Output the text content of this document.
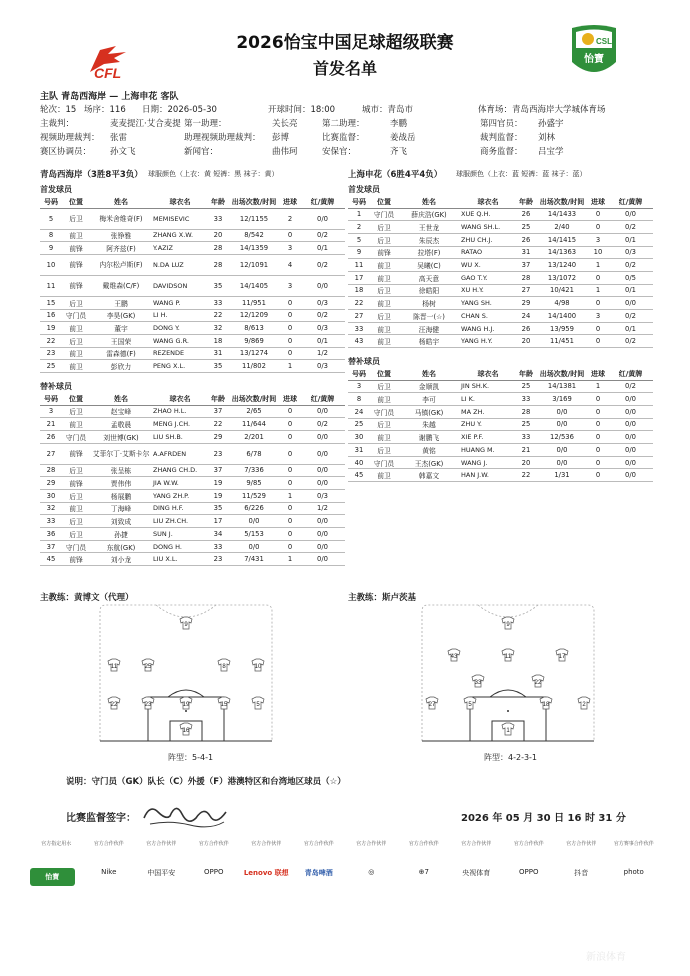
CFL
2026怡宝中国足球超级联赛
首发名单
CSL
怡寶
主队 青岛西海岸 — 上海申花 客队
轮次：15 场序：116 日期：2026-05-30	开球时间：18:00	城市：青岛市	体育场：青岛西海岸大学城体育场
主裁判：	麦麦提江·艾合麦提 第一助理：	关长亮	第二助理：	李鹏	第四官员： 孙盛宇
视频助理裁判： 张雷	助理视频助理裁判： 彭博	比赛监督：	姜战岳	裁判监督： 刘林
赛区协调员： 孙文飞	新闻官：	曲伟珂	安保官：	齐飞	商务监督： 吕宝学
青岛西海岸（3胜8平3负） 球服颜色（上衣：黄 短裤：黑 袜子：黄）
首发球员
号码	位置	姓名	球衣名	年龄	出场次数/时间	进球	红/黄牌
5	后卫	梅米舍维奇(F)	MEMISEVIC	33	12/1155	2	0/0
8	前卫	张铮雅	ZHANG X.W.	20	8/542	0	0/2
9	前锋	阿齐兹(F)	Y.AZIZ	28	14/1359	3	0/1
10	前锋	内尔松卢斯(F)	N.DA LUZ	28	12/1091	4	0/2
11	前锋	戴维森(C/F)	DAVIDSON	35	14/1405	3	0/0
15	后卫	王鹏	WANG P.	33	11/951	0	0/3
16	守门员	李昊(GK)	LI H.	22	12/1209	0	0/2
19	前卫	董宇	DONG Y.	32	8/613	0	0/3
22	后卫	王国荣	WANG G.R.	18	9/869	0	0/1
23	前卫	雷森德(F)	REZENDE	31	13/1274	0	1/2
25	前卫	彭欣力	PENG X.L.	35	11/802	1	0/3
替补球员
号码	位置	姓名	球衣名	年龄	出场次数/时间	进球	红/黄牌
3	后卫	赵宝峰	ZHAO H.L.	37	2/65	0	0/0
21	前卫	孟敬晨	MENG J.CH.	22	11/644	0	0/2
26	守门员	刘世博(GK)	LIU SH.B.	29	2/201	0	0/0
27	前锋	艾菲尔丁·艾斯卡尔	A.AFRDEN	23	6/78	0	0/0
28	后卫	张呈栋	ZHANG CH.D.	37	7/336	0	0/0
29	前锋	贾伟伟	JIA W.W.	19	9/85	0	0/0
30	后卫	杨展鹏	YANG ZH.P.	19	11/529	1	0/3
32	前卫	丁海峰	DING H.F.	35	6/226	0	1/2
33	后卫	刘致成	LIU ZH.CH.	17	0/0	0	0/0
36	后卫	孙捷	SUN J.	34	5/153	0	0/0
37	守门员	东航(GK)	DONG H.	33	0/0	0	0/0
45	前锋	刘小龙	LIU X.L.	23	7/431	1	0/0
上海申花（6胜4平4负） 球服颜色（上衣：蓝 短裤：蓝 袜子：蓝）
首发球员
号码	位置	姓名	球衣名	年龄	出场次数/时间	进球	红/黄牌
1	守门员	薛庆浩(GK)	XUE Q.H.	26	14/1433	0	0/0
2	后卫	王世龙	WANG SH.L.	25	2/40	0	0/2
5	后卫	朱辰杰	ZHU CH.J.	26	14/1415	3	0/1
9	前锋	拉塔(F)	RATAO	31	14/1363	10	0/3
11	前卫	吴曦(C)	WU X.	37	13/1240	1	0/2
17	前卫	高天意	GAO T.Y.	28	13/1072	0	0/5
18	后卫	徐皓阳	XU H.Y.	27	10/421	1	0/1
22	前卫	杨树	YANG SH.	29	4/98	0	0/0
27	后卫	陈晋一(☆)	CHAN S.	24	14/1400	3	0/2
33	前卫	汪海健	WANG H.J.	26	13/959	0	0/1
43	前卫	杨皓宇	YANG H.Y.	20	11/451	0	0/2
替补球员
号码	位置	姓名	球衣名	年龄	出场次数/时间	进球	红/黄牌
3	后卫	金顺凯	JIN SH.K.	25	14/1381	1	0/2
8	前卫	李可	LI K.	33	3/169	0	0/0
24	守门员	马镇(GK)	MA ZH.	28	0/0	0	0/0
25	后卫	朱越	ZHU Y.	25	0/0	0	0/0
30	前卫	谢鹏飞	XIE P.F.	33	12/536	0	0/0
31	后卫	黄铭	HUANG M.	21	0/0	0	0/0
40	守门员	王杰(GK)	WANG J.	20	0/0	0	0/0
45	前卫	韩嘉文	HAN J.W.	22	1/31	0	0/0
主教练：黄博文（代理）	主教练：斯卢茨基
9
11	25	8	10
22	23	19	15	5
16
9
43	11	17
33	22
27	5	18	2
1
阵型：5-4-1	阵型：4-2-3-1
说明：守门员（GK）队长（C）外援（F）港澳特区和台湾地区球员（☆）
比赛监督签字：	2026 年 05 月 30 日 16 时 31 分
官方指定用水	官方合作伙伴	官方合作伙伴	官方合作伙伴	官方合作伙伴	官方合作伙伴	官方合作伙伴	官方合作伙伴	官方合作伙伴	官方合作伙伴	官方合作伙伴	官方赛事合作伙伴
怡寶
Nike	中国平安	OPPO	Lenovo 联想	青岛啤酒	◎	⊕7	央视体育	OPPO	抖音	photo
新浪体育
